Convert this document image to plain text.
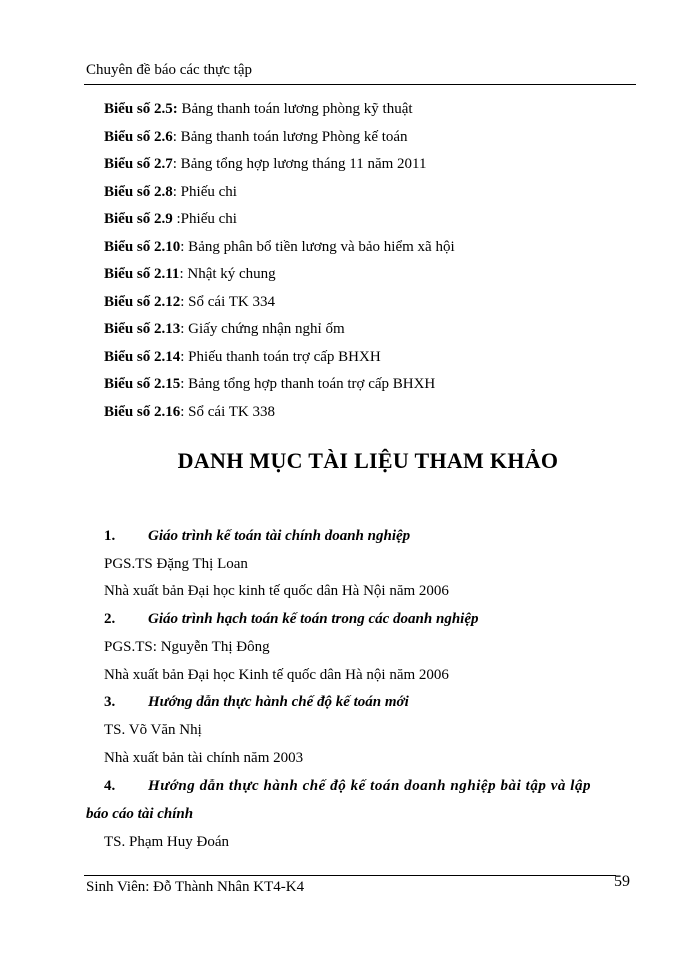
Chuyên đề báo các thực tập
Biểu số 2.5: Bảng thanh toán lương phòng kỹ thuật
Biểu số 2.6: Bảng thanh toán lương Phòng kế toán
Biểu số 2.7: Bảng tổng hợp lương tháng 11 năm 2011
Biểu số 2.8: Phiếu chi
Biểu số 2.9 :Phiếu chi
Biểu số 2.10: Bảng phân bổ tiền lương và bảo hiểm xã hội
Biểu số 2.11: Nhật ký chung
Biểu số 2.12: Sổ cái TK 334
Biểu số 2.13: Giấy chứng nhận nghỉ ốm
Biểu số 2.14: Phiếu thanh toán trợ cấp BHXH
Biểu số 2.15: Bảng tổng hợp thanh toán trợ cấp BHXH
Biểu số 2.16: Sổ cái TK 338
DANH MỤC TÀI LIỆU THAM KHẢO
1. Giáo trình kế toán tài chính doanh nghiệp
PGS.TS Đặng Thị Loan
Nhà xuất bản Đại học kinh tế quốc dân Hà Nội năm 2006
2. Giáo trình hạch toán kế toán trong các doanh nghiệp
PGS.TS: Nguyễn Thị Đông
Nhà xuất bản Đại học Kinh tế quốc dân Hà nội năm 2006
3. Hướng dẫn thực hành chế độ kế toán mới
TS. Võ Văn Nhị
Nhà xuất bản tài chính năm 2003
4. Hướng dẫn thực hành chế độ kế toán doanh nghiệp bài tập và lập
báo cáo tài chính
TS. Phạm Huy Đoán
Sinh Viên: Đỗ Thành Nhân KT4-K4	59
